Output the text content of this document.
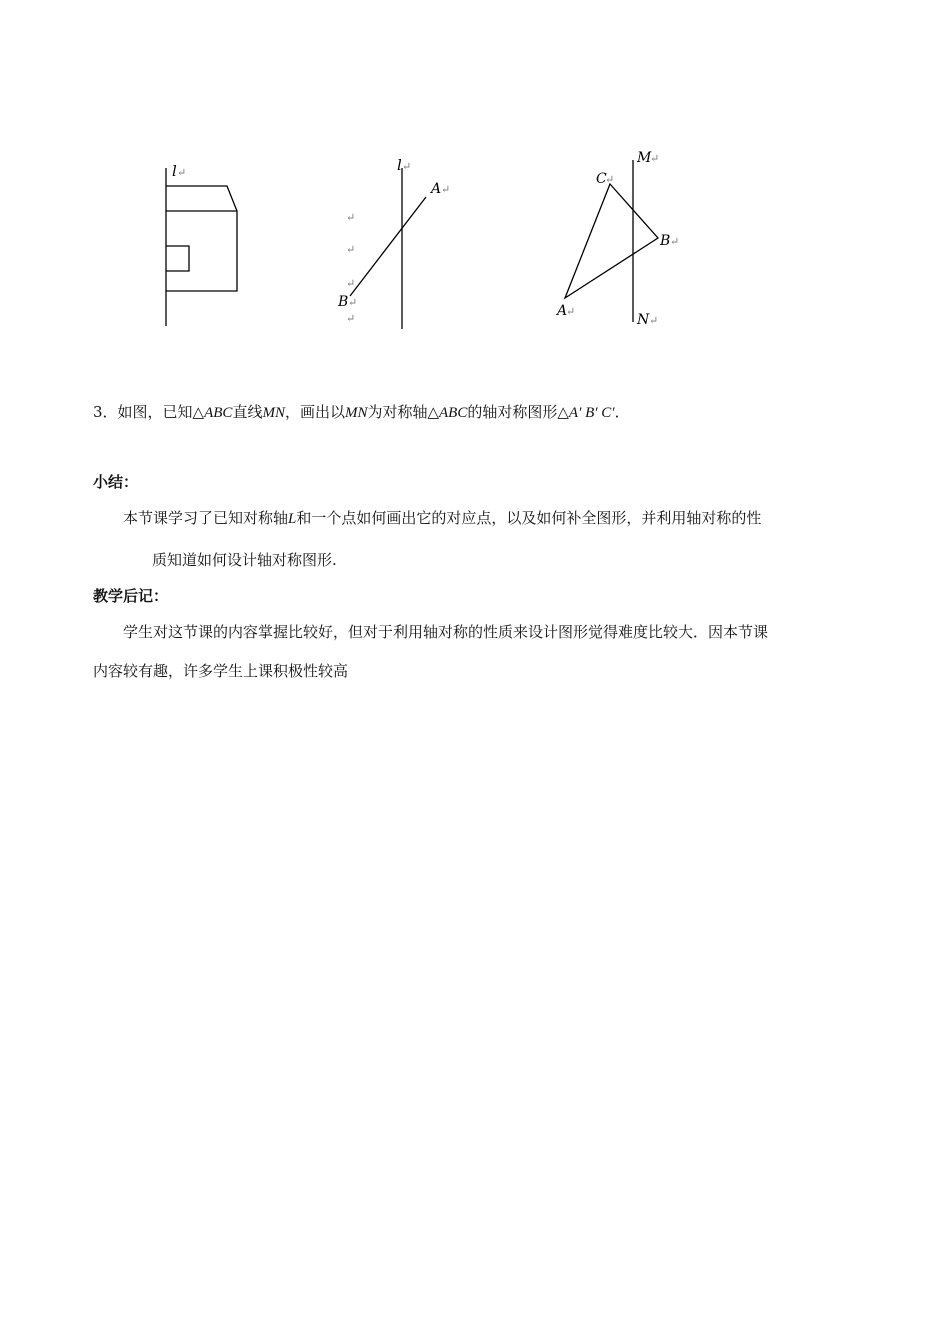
l ↵	l ↵
A ↵
B ↵
↵
↵
↵
↵
M
↵
N ↵
C
↵
B ↵
A
↵
3．如图，已知△ABC直线MN，画出以MN为对称轴△ABC的轴对称图形△A′ B′ C′．
小结：
本节课学习了已知对称轴L和一个点如何画出它的对应点，以及如何补全图形，并利用轴对称的性
质知道如何设计轴对称图形.
教学后记：
学生对这节课的内容掌握比较好，但对于利用轴对称的性质来设计图形觉得难度比较大．因本节课
内容较有趣，许多学生上课积极性较高
